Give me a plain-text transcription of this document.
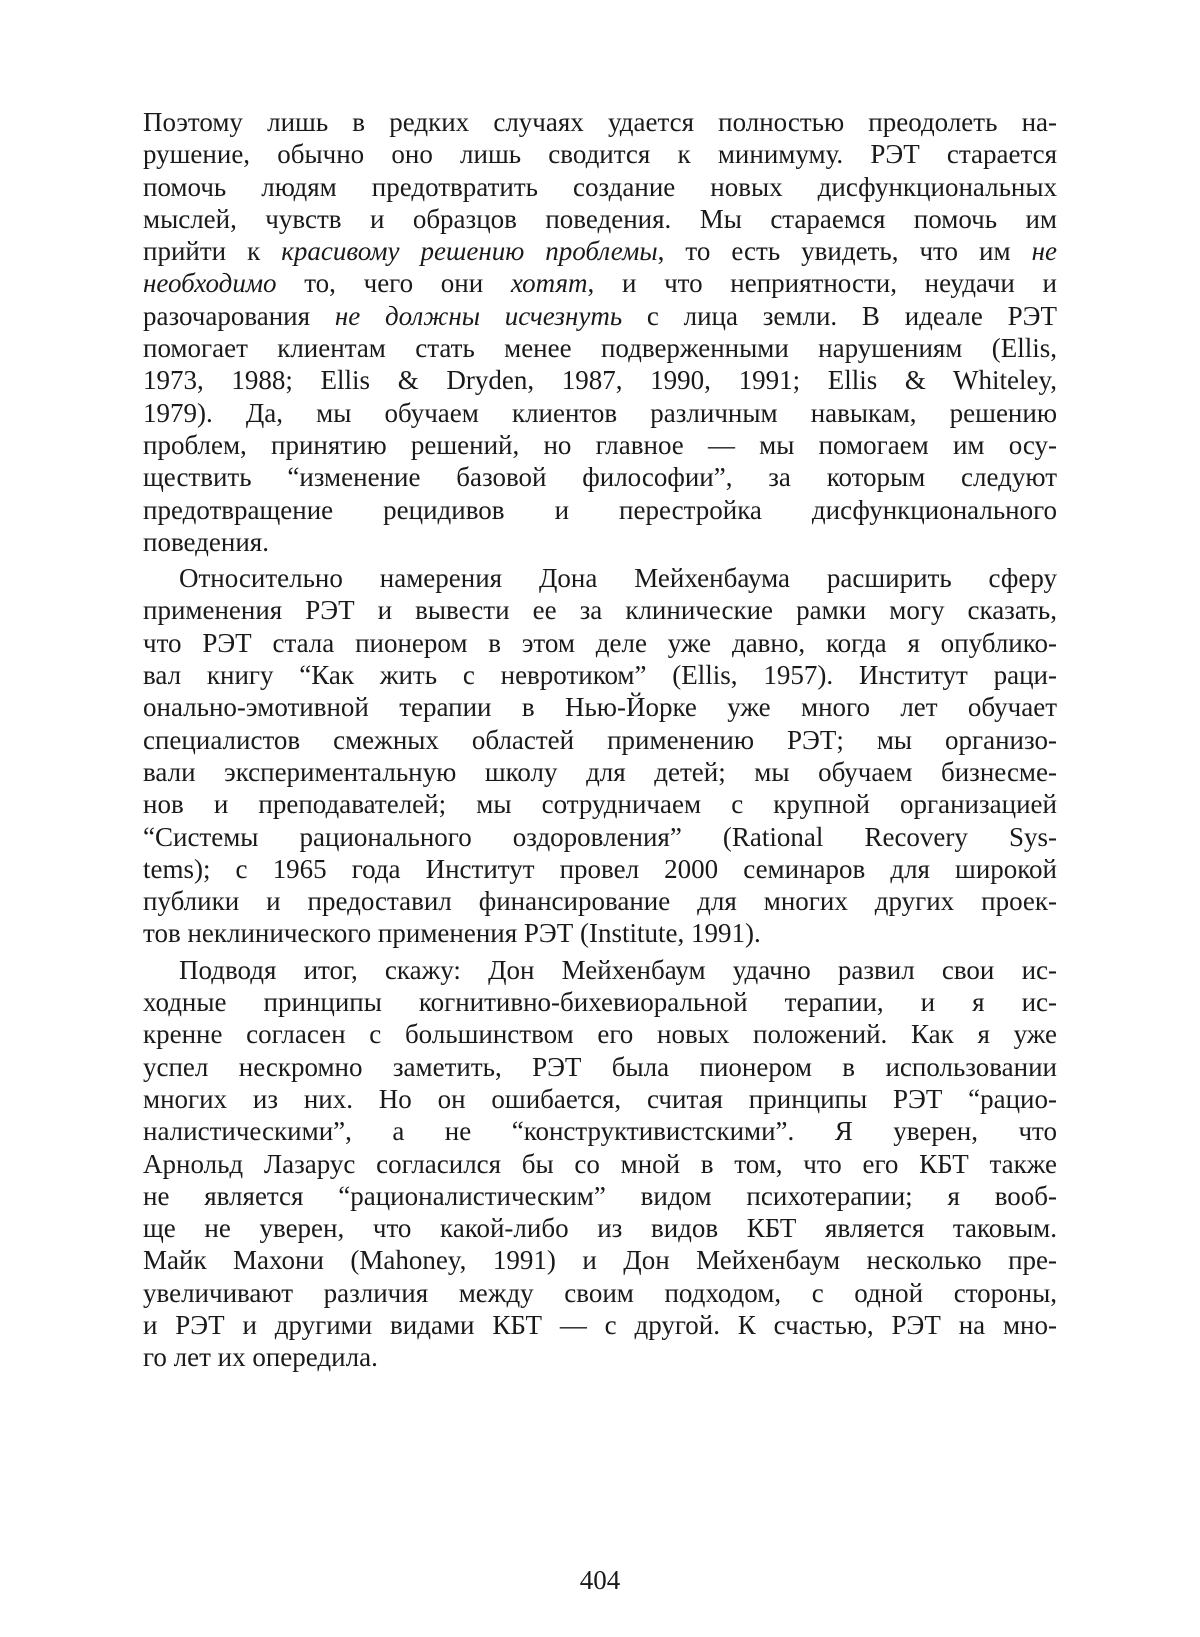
Поэтому лишь в редких случаях удается полностью преодолеть на-
рушение, обычно оно лишь сводится к минимуму. РЭТ старается
помочь людям предотвратить создание новых дисфункциональных
мыслей, чувств и образцов поведения. Мы стараемся помочь им
прийти к красивому решению проблемы, то есть увидеть, что им не
необходимо то, чего они хотят, и что неприятности, неудачи и
разочарования не должны исчезнуть с лица земли. В идеале РЭТ
помогает клиентам стать менее подверженными нарушениям (Ellis,
1973, 1988; Ellis & Dryden, 1987, 1990, 1991; Ellis & Whiteley,
1979). Да, мы обучаем клиентов различным навыкам, решению
проблем, принятию решений, но главное — мы помогаем им осу-
ществить “изменение базовой философии”, за которым следуют
предотвращение рецидивов и перестройка дисфункционального
поведения.
Относительно намерения Дона Мейхенбаума расширить сферу
применения РЭТ и вывести ее за клинические рамки могу сказать,
что РЭТ стала пионером в этом деле уже давно, когда я опублико-
вал книгу “Как жить с невротиком” (Ellis, 1957). Институт раци-
онально-эмотивной терапии в Нью-Йорке уже много лет обучает
специалистов смежных областей применению РЭТ; мы организо-
вали экспериментальную школу для детей; мы обучаем бизнесме-
нов и преподавателей; мы сотрудничаем с крупной организацией
“Системы рационального оздоровления” (Rational Recovery Sys-
tems); с 1965 года Институт провел 2000 семинаров для широкой
публики и предоставил финансирование для многих других проек-
тов неклинического применения РЭТ (Institute, 1991).
Подводя итог, скажу: Дон Мейхенбаум удачно развил свои ис-
ходные принципы когнитивно-бихевиоральной терапии, и я ис-
кренне согласен с большинством его новых положений. Как я уже
успел нескромно заметить, РЭТ была пионером в использовании
многих из них. Но он ошибается, считая принципы РЭТ “рацио-
налистическими”, а не “конструктивистскими”. Я уверен, что
Арнольд Лазарус согласился бы со мной в том, что его КБТ также
не является “рационалистическим” видом психотерапии; я вооб-
ще не уверен, что какой-либо из видов КБТ является таковым.
Майк Махони (Mahoney, 1991) и Дон Мейхенбаум несколько пре-
увеличивают различия между своим подходом, с одной стороны,
и РЭТ и другими видами КБТ — с другой. К счастью, РЭТ на мно-
го лет их опередила.
404
